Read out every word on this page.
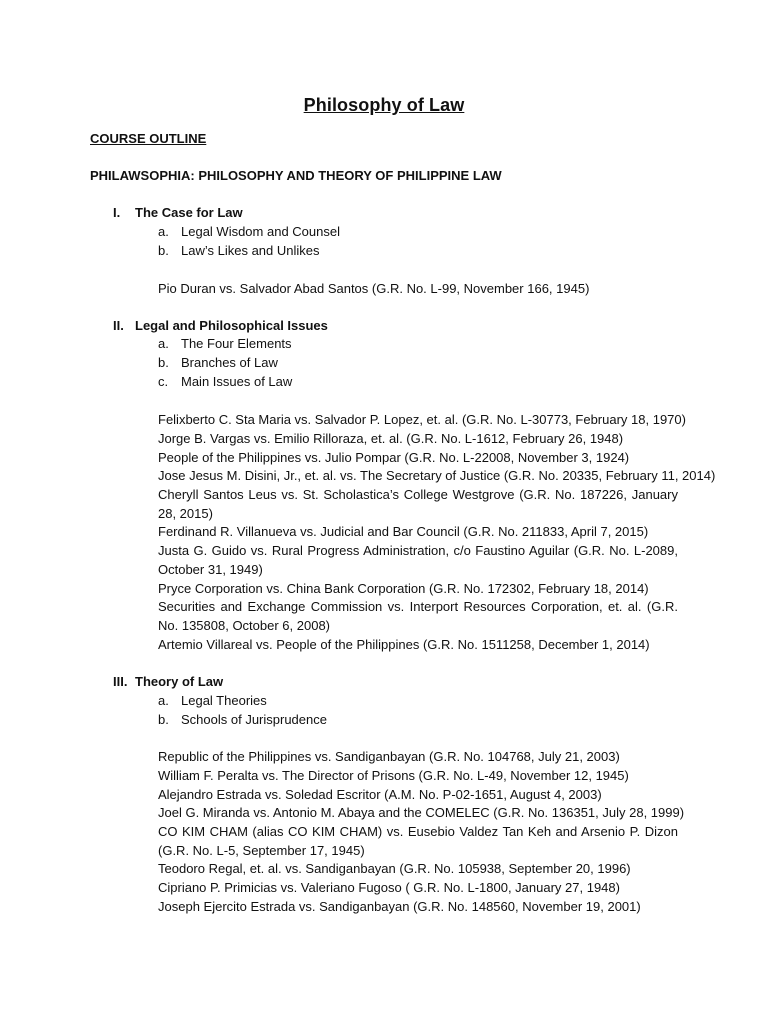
Philosophy of Law
COURSE OUTLINE
PHILAWSOPHIA: PHILOSOPHY AND THEORY OF PHILIPPINE LAW
I. The Case for Law
a. Legal Wisdom and Counsel
b. Law’s Likes and Unlikes
Pio Duran vs. Salvador Abad Santos (G.R. No. L-99, November 166, 1945)
II. Legal and Philosophical Issues
a. The Four Elements
b. Branches of Law
c. Main Issues of Law
Felixberto C. Sta Maria vs. Salvador P. Lopez, et. al. (G.R. No. L-30773, February 18, 1970)
Jorge B. Vargas vs. Emilio Rilloraza, et. al. (G.R. No. L-1612, February 26, 1948)
People of the Philippines vs. Julio Pompar (G.R. No. L-22008, November 3, 1924)
Jose Jesus M. Disini, Jr., et. al. vs. The Secretary of Justice (G.R. No. 20335, February 11, 2014)
Cheryll Santos Leus vs. St. Scholastica’s College Westgrove (G.R. No. 187226, January 28, 2015)
Ferdinand R. Villanueva vs. Judicial and Bar Council (G.R. No. 211833, April 7, 2015)
Justa G. Guido vs. Rural Progress Administration, c/o Faustino Aguilar (G.R. No. L-2089, October 31, 1949)
Pryce Corporation vs. China Bank Corporation (G.R. No. 172302, February 18, 2014)
Securities and Exchange Commission vs. Interport Resources Corporation, et. al. (G.R. No. 135808, October 6, 2008)
Artemio Villareal vs. People of the Philippines (G.R. No. 1511258, December 1, 2014)
III. Theory of Law
a. Legal Theories
b. Schools of Jurisprudence
Republic of the Philippines vs. Sandiganbayan (G.R. No. 104768, July 21, 2003)
William F. Peralta vs. The Director of Prisons (G.R. No. L-49, November 12, 1945)
Alejandro Estrada vs. Soledad Escritor (A.M. No. P-02-1651, August 4, 2003)
Joel G. Miranda vs. Antonio M. Abaya and the COMELEC (G.R. No. 136351, July 28, 1999)
CO KIM CHAM (alias CO KIM CHAM) vs. Eusebio Valdez Tan Keh and Arsenio P. Dizon (G.R. No. L-5, September 17, 1945)
Teodoro Regal, et. al. vs. Sandiganbayan (G.R. No. 105938, September 20, 1996)
Cipriano P. Primicias vs. Valeriano Fugoso ( G.R. No. L-1800, January 27, 1948)
Joseph Ejercito Estrada vs. Sandiganbayan (G.R. No. 148560, November 19, 2001)
